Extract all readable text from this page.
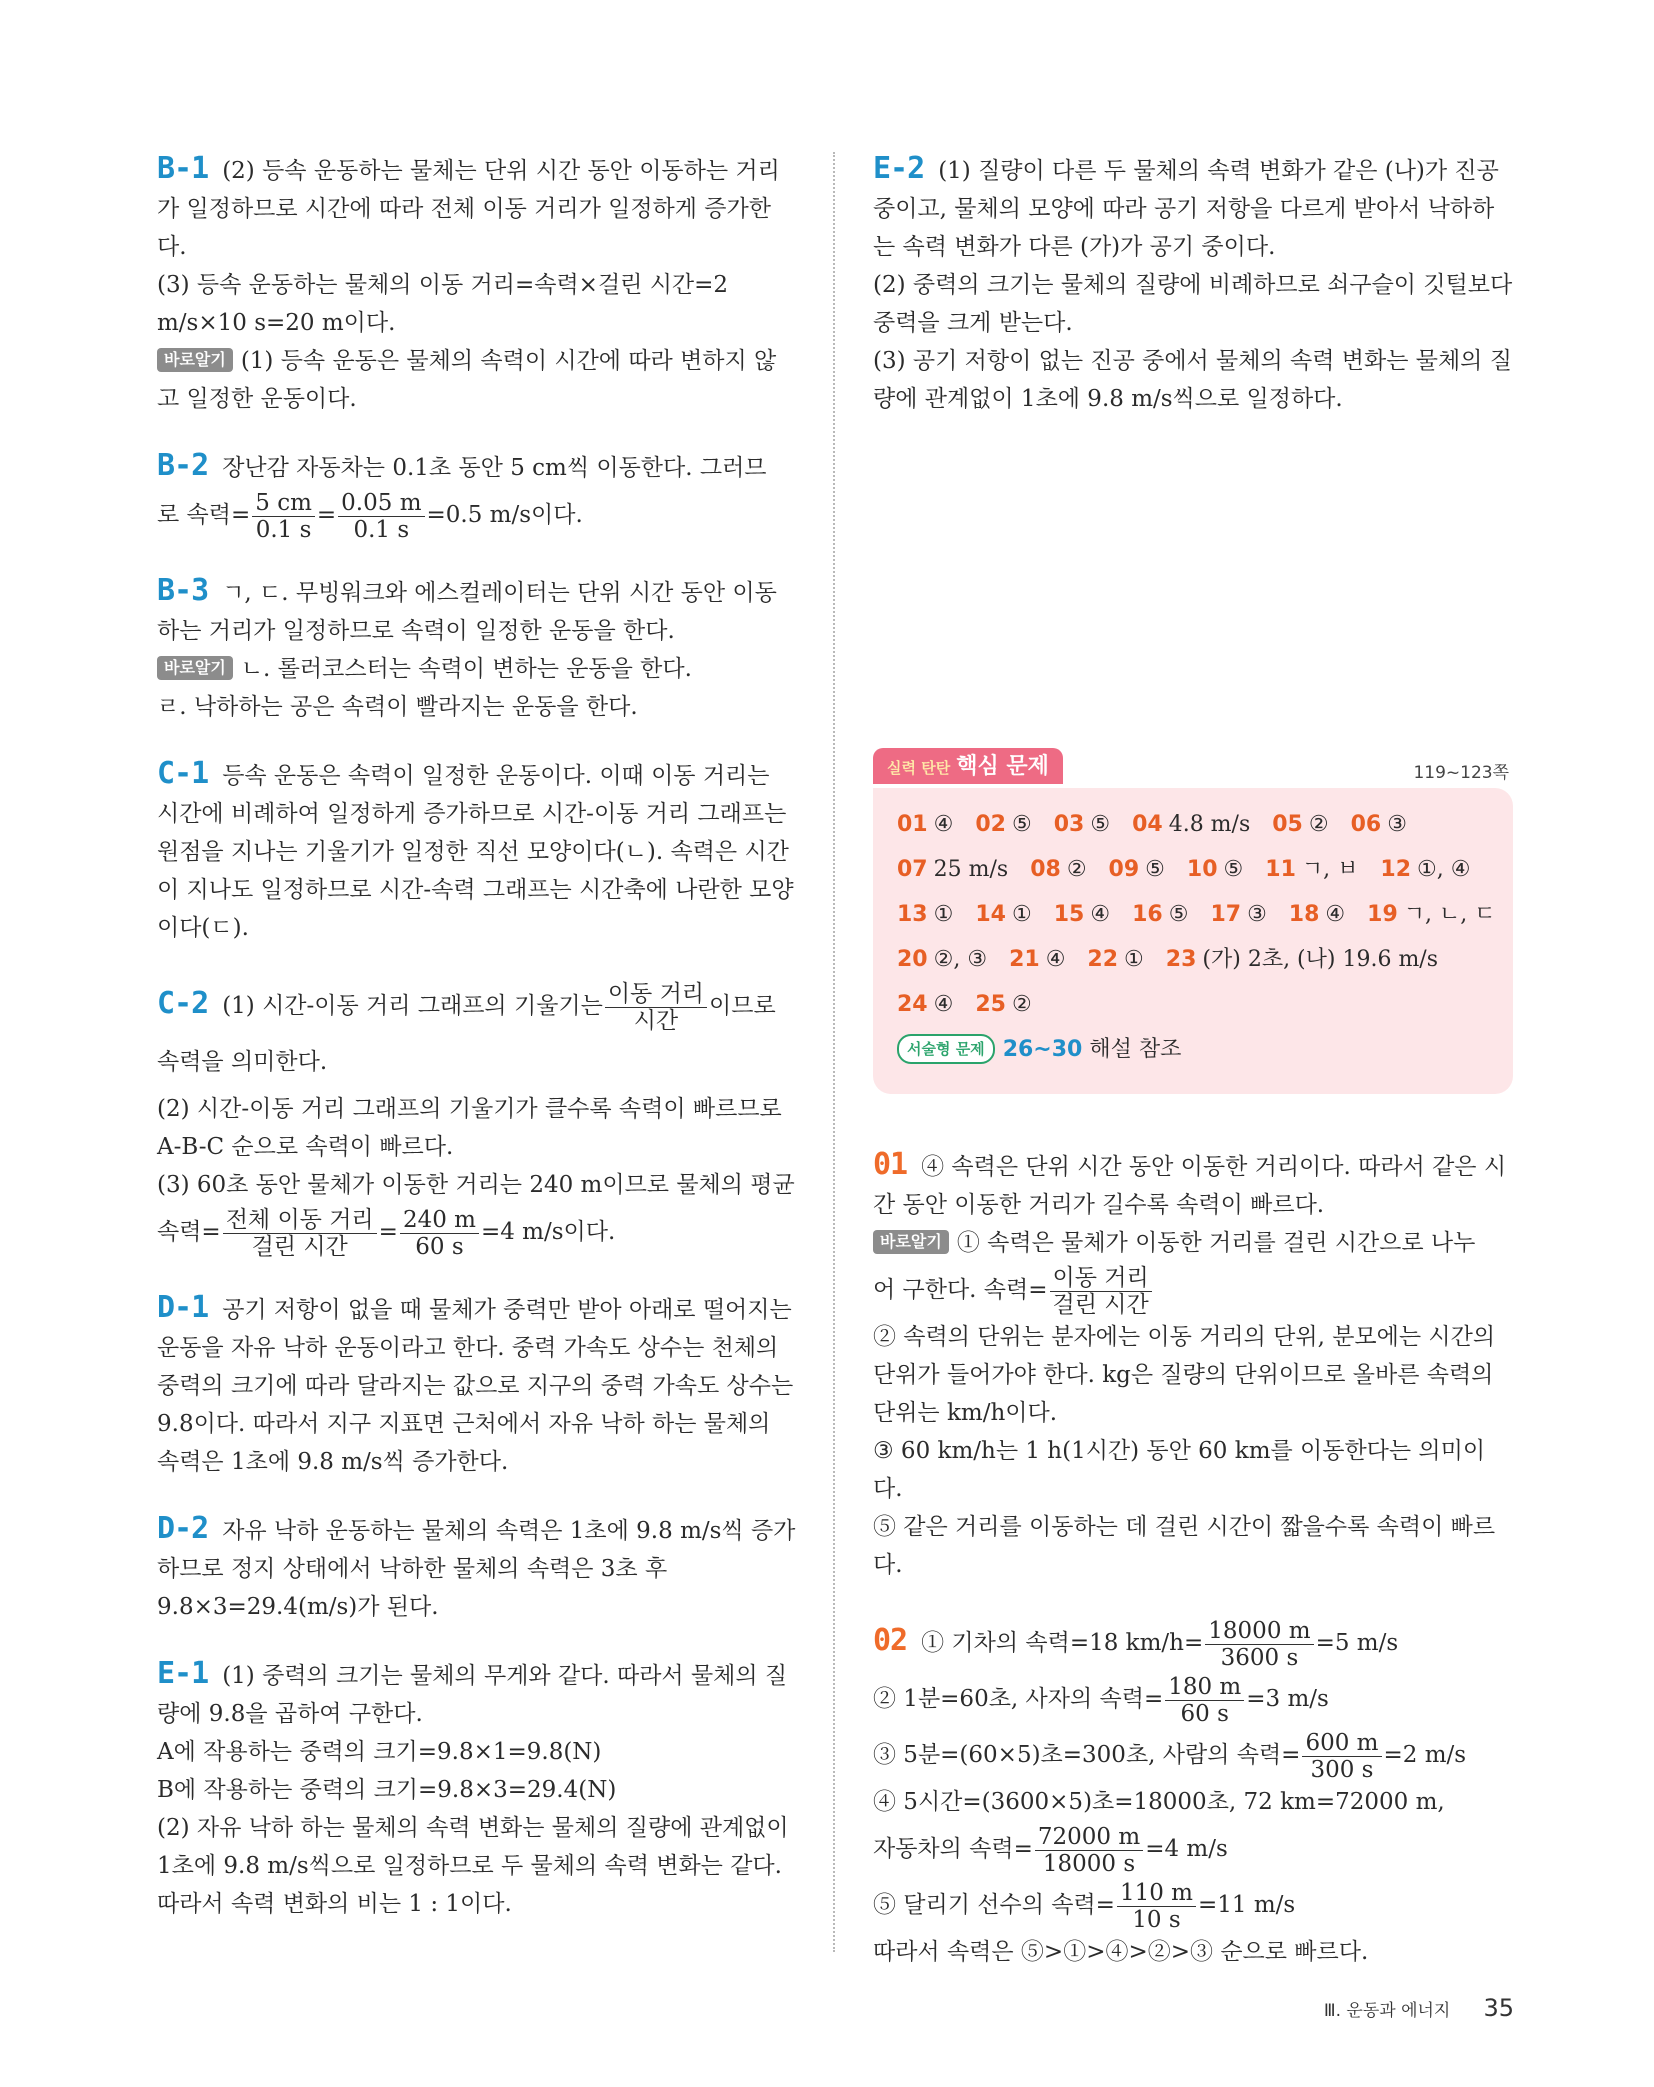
B-1 (2) 등속 운동하는 물체는 단위 시간 동안 이동하는 거리가 일정하므로 시간에 따라 전체 이동 거리가 일정하게 증가한다.

(3) 등속 운동하는 물체의 이동 거리=속력×걸린 시간=2 m/s×10 s=20 m이다.

바로알기 (1) 등속 운동은 물체의 속력이 시간에 따라 변하지 않고 일정한 운동이다.

B-2 장난감 자동차는 0.1초 동안 5 cm씩 이동한다. 그러므

로 속력= $\frac{5 cm}{0.1 s} = \frac{0.05 m}{0.1 s} =0.5$ m/s이다.

B-3 ㄱ, ㄷ. 무빙워크와 에스컬레이터는 단위 시간 동안 이동하는 거리가 일정하므로 속력이 일정한 운동을 한다.

바로알기 ㄴ. 롤러코스터는 속력이 변하는 운동을 한다.

ㄹ. 낙하하는 공은 속력이 빨라지는 운동을 한다.

C-1 등속 운동은 속력이 일정한 운동이다. 이때 이동 거리는 시간에 비례하여 일정하게 증가하므로 시간-이동 거리 그래프는 원점을 지나는 기울기가 일정한 직선 모양이다(ㄴ). 속력은 시간이 지나도 일정하므로 시간-속력 그래프는 시간축에 나란한 모양이다(ㄷ).

C-2 (1) 시간-이동 거리 그래프의 기울기는 $\frac{\text{이동 거리}}{\text{시간}}$ 이므로 속력을 의미한다.

(2) 시간-이동 거리 그래프의 기울기가 클수록 속력이 빠르므로 A-B-C 순으로 속력이 빠르다.

(3) 60초 동안 물체가 이동한 거리는 240 m이므로 물체의 평균

속력= $\frac{\text{전체 이동 거리}}{\text{걸린 시간}} = \frac{240 m}{60 s} =4$ m/s이다.

D-1 공기 저항이 없을 때 물체가 중력만 받아 아래로 떨어지는 운동을 자유 낙하 운동이라고 한다. 중력 가속도 상수는 천체의 중력의 크기에 따라 달라지는 값으로 지구의 중력 가속도 상수는 9.8이다. 따라서 지구 지표면 근처에서 자유 낙하 하는 물체의 속력은 1초에 9.8 m/s씩 증가한다.

D-2 자유 낙하 운동하는 물체의 속력은 1초에 9.8 m/s씩 증가하므로 정지 상태에서 낙하한 물체의 속력은 3초 후 9.8×3=29.4(m/s)가 된다.

E-1 (1) 중력의 크기는 물체의 무게와 같다. 따라서 물체의 질량에 9.8을 곱하여 구한다.

A에 작용하는 중력의 크기=9.8×1=9.8(N)

B에 작용하는 중력의 크기=9.8×3=29.4(N)

(2) 자유 낙하 하는 물체의 속력 변화는 물체의 질량에 관계없이 1초에 9.8 m/s씩으로 일정하므로 두 물체의 속력 변화는 같다. 따라서 속력 변화의 비는 1 : 1이다.

E-2 (1) 질량이 다른 두 물체의 속력 변화가 같은 (나)가 진공 중이고, 물체의 모양에 따라 공기 저항을 다르게 받아서 낙하하는 속력 변화가 다른 (가)가 공기 중이다.

(2) 중력의 크기는 물체의 질량에 비례하므로 쇠구슬이 깃털보다 중력을 크게 받는다.

(3) 공기 저항이 없는 진공 중에서 물체의 속력 변화는 물체의 질량에 관계없이 1초에 9.8 m/s씩으로 일정하다.

실력 탄탄 핵심 문제	119~123쪽
01 ④ 02 ⑤ 03 ⑤ 04 4.8 m/s 05 ② 06 ③
07 25 m/s 08 ② 09 ⑤ 10 ⑤ 11 ㄱ, ㅂ 12 ①, ④
13 ① 14 ① 15 ④ 16 ⑤ 17 ③ 18 ④ 19 ㄱ, ㄴ, ㄷ
20 ②, ③ 21 ④ 22 ① 23 (가) 2초, (나) 19.6 m/s
24 ④ 25 ②
서술형 문제 26~30 해설 참조

01 ④ 속력은 단위 시간 동안 이동한 거리이다. 따라서 같은 시간 동안 이동한 거리가 길수록 속력이 빠르다.

바로알기 ① 속력은 물체가 이동한 거리를 걸린 시간으로 나누

어 구한다. 속력= $\frac{\text{이동 거리}}{\text{걸린 시간}}$

② 속력의 단위는 분자에는 이동 거리의 단위, 분모에는 시간의 단위가 들어가야 한다. kg은 질량의 단위이므로 올바른 속력의 단위는 km/h이다.

③ 60 km/h는 1 h(1시간) 동안 60 km를 이동한다는 의미이다.

⑤ 같은 거리를 이동하는 데 걸린 시간이 짧을수록 속력이 빠르다.

02 ① 기차의 속력=18 $km/h= \frac{18000 m}{3600 s} =5$ m/s

② 1분=60초, 사자의 속력= $\frac{180 m}{60 s} =3$ m/s

③ 5분=(60×5)초=300초, 사람의 속력= $\frac{600 m}{300 s} =2$ m/s

④ 5시간=(3600×5)초=18000초, 72 km=72000 m,

자동차의 속력= $\frac{72000 m}{18000 s} =4$ m/s

⑤ 달리기 선수의 속력= $\frac{110 m}{10 s} =11$ m/s

따라서 속력은 ⑤>①>④>②>③ 순으로 빠르다.

Ⅲ. 운동과 에너지 35
